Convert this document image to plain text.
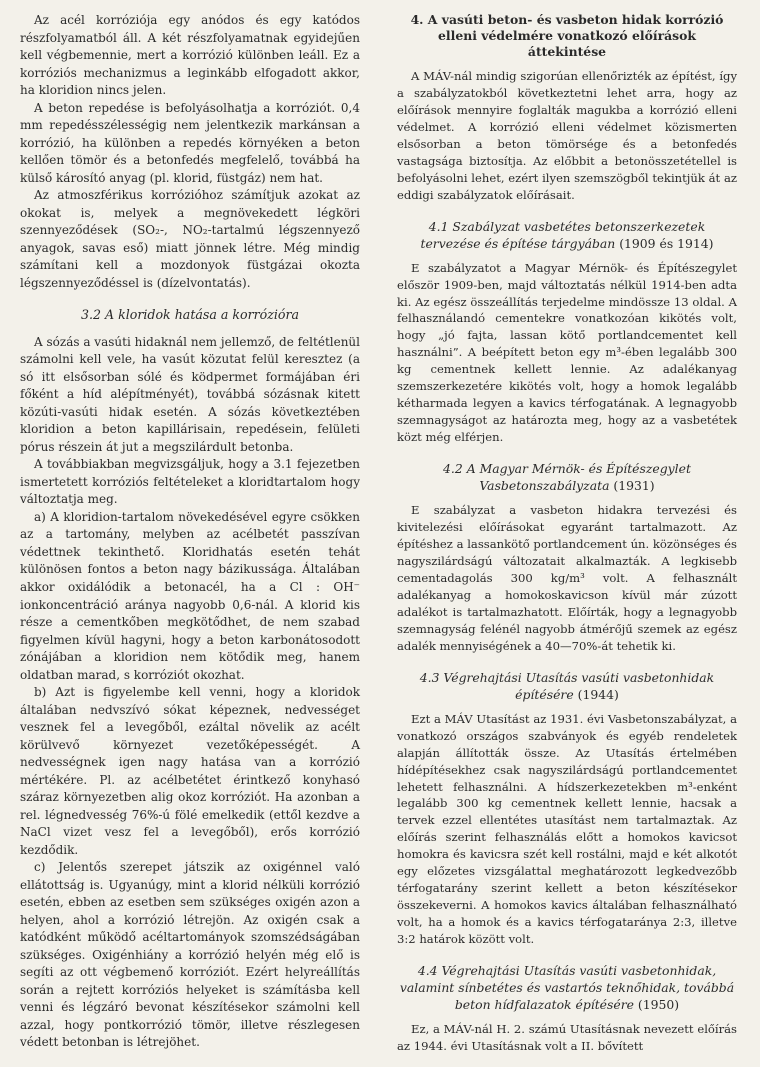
Az acél korróziója egy anódos és egy katódos részfolyamatból áll. A két részfolyamatnak egyidejűen kell végbemennie, mert a korrózió különben leáll. Ez a korróziós mechanizmus a leginkább elfogadott akkor, ha kloridion nincs jelen.

A beton repedése is befolyásolhatja a korróziót. 0,4 mm repedésszélességig nem jelentkezik markánsan a korrózió, ha különben a repedés környéken a beton kellően tömör és a betonfedés megfelelő, továbbá ha külső károsító anyag (pl. klorid, füstgáz) nem hat.

Az atmoszférikus korrózióhoz számítjuk azokat az okokat is, melyek a megnövekedett légköri szennyeződések (SO₂-, NO₂-tartalmú légszennyező anyagok, savas eső) miatt jönnek létre. Még mindig számítani kell a mozdonyok füstgázai okozta légszennyeződéssel is (dízelvontatás).

3.2 A kloridok hatása a korrózióra

A sózás a vasúti hidaknál nem jellemző, de feltétlenül számolni kell vele, ha vasút közutat felül keresztez (a só itt elsősorban sólé és ködpermet formájában éri főként a híd alépítményét), továbbá sózásnak kitett közúti-vasúti hidak esetén. A sózás következtében kloridion a beton kapillárisain, repedésein, felületi pórus részein át jut a megszilárdult betonba.

A továbbiakban megvizsgáljuk, hogy a 3.1 fejezetben ismertetett korróziós feltételeket a kloridtartalom hogy változtatja meg.

a) A kloridion-tartalom növekedésével egyre csökken az a tartomány, melyben az acélbetét passzívan védettnek tekinthető. Kloridhatás esetén tehát különösen fontos a beton nagy bázikussága. Általában akkor oxidálódik a betonacél, ha a Cl : OH⁻ ionkoncentráció aránya nagyobb 0,6-nál. A klorid kis része a cementkőben megkötődhet, de nem szabad figyelmen kívül hagyni, hogy a beton karbonátosodott zónájában a kloridion nem kötődik meg, hanem oldatban marad, s korróziót okozhat.

b) Azt is figyelembe kell venni, hogy a kloridok általában nedvszívó sókat képeznek, nedvességet vesznek fel a levegőből, ezáltal növelik az acélt körülvevő környezet vezetőképességét. A nedvességnek igen nagy hatása van a korrózió mértékére. Pl. az acélbetétet érintkező konyhasó száraz környezetben alig okoz korróziót. Ha azonban a rel. légnedvesség 76%-ú fölé emelkedik (ettől kezdve a NaCl vizet vesz fel a levegőből), erős korrózió kezdődik.

c) Jelentős szerepet játszik az oxigénnel való ellátottság is. Ugyanúgy, mint a klorid nélküli korrózió esetén, ebben az esetben sem szükséges oxigén azon a helyen, ahol a korrózió létrejön. Az oxigén csak a katódként működő acéltartományok szomszédságában szükséges. Oxigénhiány a korrózió helyén még elő is segíti az ott végbemenő korróziót. Ezért helyreállítás során a rejtett korróziós helyeket is számításba kell venni és légzáró bevonat készítésekor számolni kell azzal, hogy pontkorrózió tömör, illetve részlegesen védett betonban is létrejöhet.

4. A vasúti beton- és vasbeton hidak korrózió elleni védelmére vonatkozó előírások áttekintése

A MÁV-nál mindig szigorúan ellenőrizték az építést, így a szabályzatokból következtetni lehet arra, hogy az előírások mennyire foglalták magukba a korrózió elleni védelmet. A korrózió elleni védelmet közismerten elsősorban a beton tömörsége és a betonfedés vastagsága biztosítja. Az előbbit a betonösszetétellel is befolyásolni lehet, ezért ilyen szemszögből tekintjük át az eddigi szabályzatok előírásait.

4.1 Szabályzat vasbetétes betonszerkezetek tervezése és építése tárgyában (1909 és 1914)

E szabályzatot a Magyar Mérnök- és Építészegylet először 1909-ben, majd változtatás nélkül 1914-ben adta ki. Az egész összeállítás terjedelme mindössze 13 oldal. A felhasználandó cementekre vonatkozóan kikötés volt, hogy „jó fajta, lassan kötő portlandcementet kell használni”. A beépített beton egy m³-ében legalább 300 kg cementnek kellett lennie. Az adalékanyag szemszerkezetére kikötés volt, hogy a homok legalább kétharmada legyen a kavics térfogatának. A legnagyobb szemnagyságot az határozta meg, hogy az a vasbetétek közt még elférjen.

4.2 A Magyar Mérnök- és Építészegylet Vasbetonszabályzata (1931)

E szabályzat a vasbeton hidakra tervezési és kivitelezési előírásokat egyaránt tartalmazott. Az építéshez a lassankötő portlandcement ún. közönséges és nagyszilárdságú változatait alkalmazták. A legkisebb cementadagolás 300 kg/m³ volt. A felhasznált adalékanyag a homokoskavicson kívül már zúzott adalékot is tartalmazhatott. Előírták, hogy a legnagyobb szemnagyság felénél nagyobb átmérőjű szemek az egész adalék mennyiségének a 40—70%-át tehetik ki.

4.3 Végrehajtási Utasítás vasúti vasbetonhidak építésére (1944)

Ezt a MÁV Utasítást az 1931. évi Vasbetonszabályzat, a vonatkozó országos szabványok és egyéb rendeletek alapján állították össze. Az Utasítás értelmében hídépítésekhez csak nagyszilárdságú portlandcementet lehetett felhasználni. A hídszerkezetekben m³-enként legalább 300 kg cementnek kellett lennie, hacsak a tervek ezzel ellentétes utasítást nem tartalmaztak. Az előírás szerint felhasználás előtt a homokos kavicsot homokra és kavicsra szét kell rostálni, majd e két alkotót egy előzetes vizsgálattal meghatározott legkedvezőbb térfogatarány szerint kellett a beton készítésekor összekeverni. A homokos kavics általában felhasználható volt, ha a homok és a kavics térfogataránya 2:3, illetve 3:2 határok között volt.

4.4 Végrehajtási Utasítás vasúti vasbetonhidak, valamint sínbetétes és vastartós teknőhidak, továbbá beton hídfalazatok építésére (1950)

Ez, a MÁV-nál H. 2. számú Utasításnak nevezett előírás az 1944. évi Utasításnak volt a II. bővített
